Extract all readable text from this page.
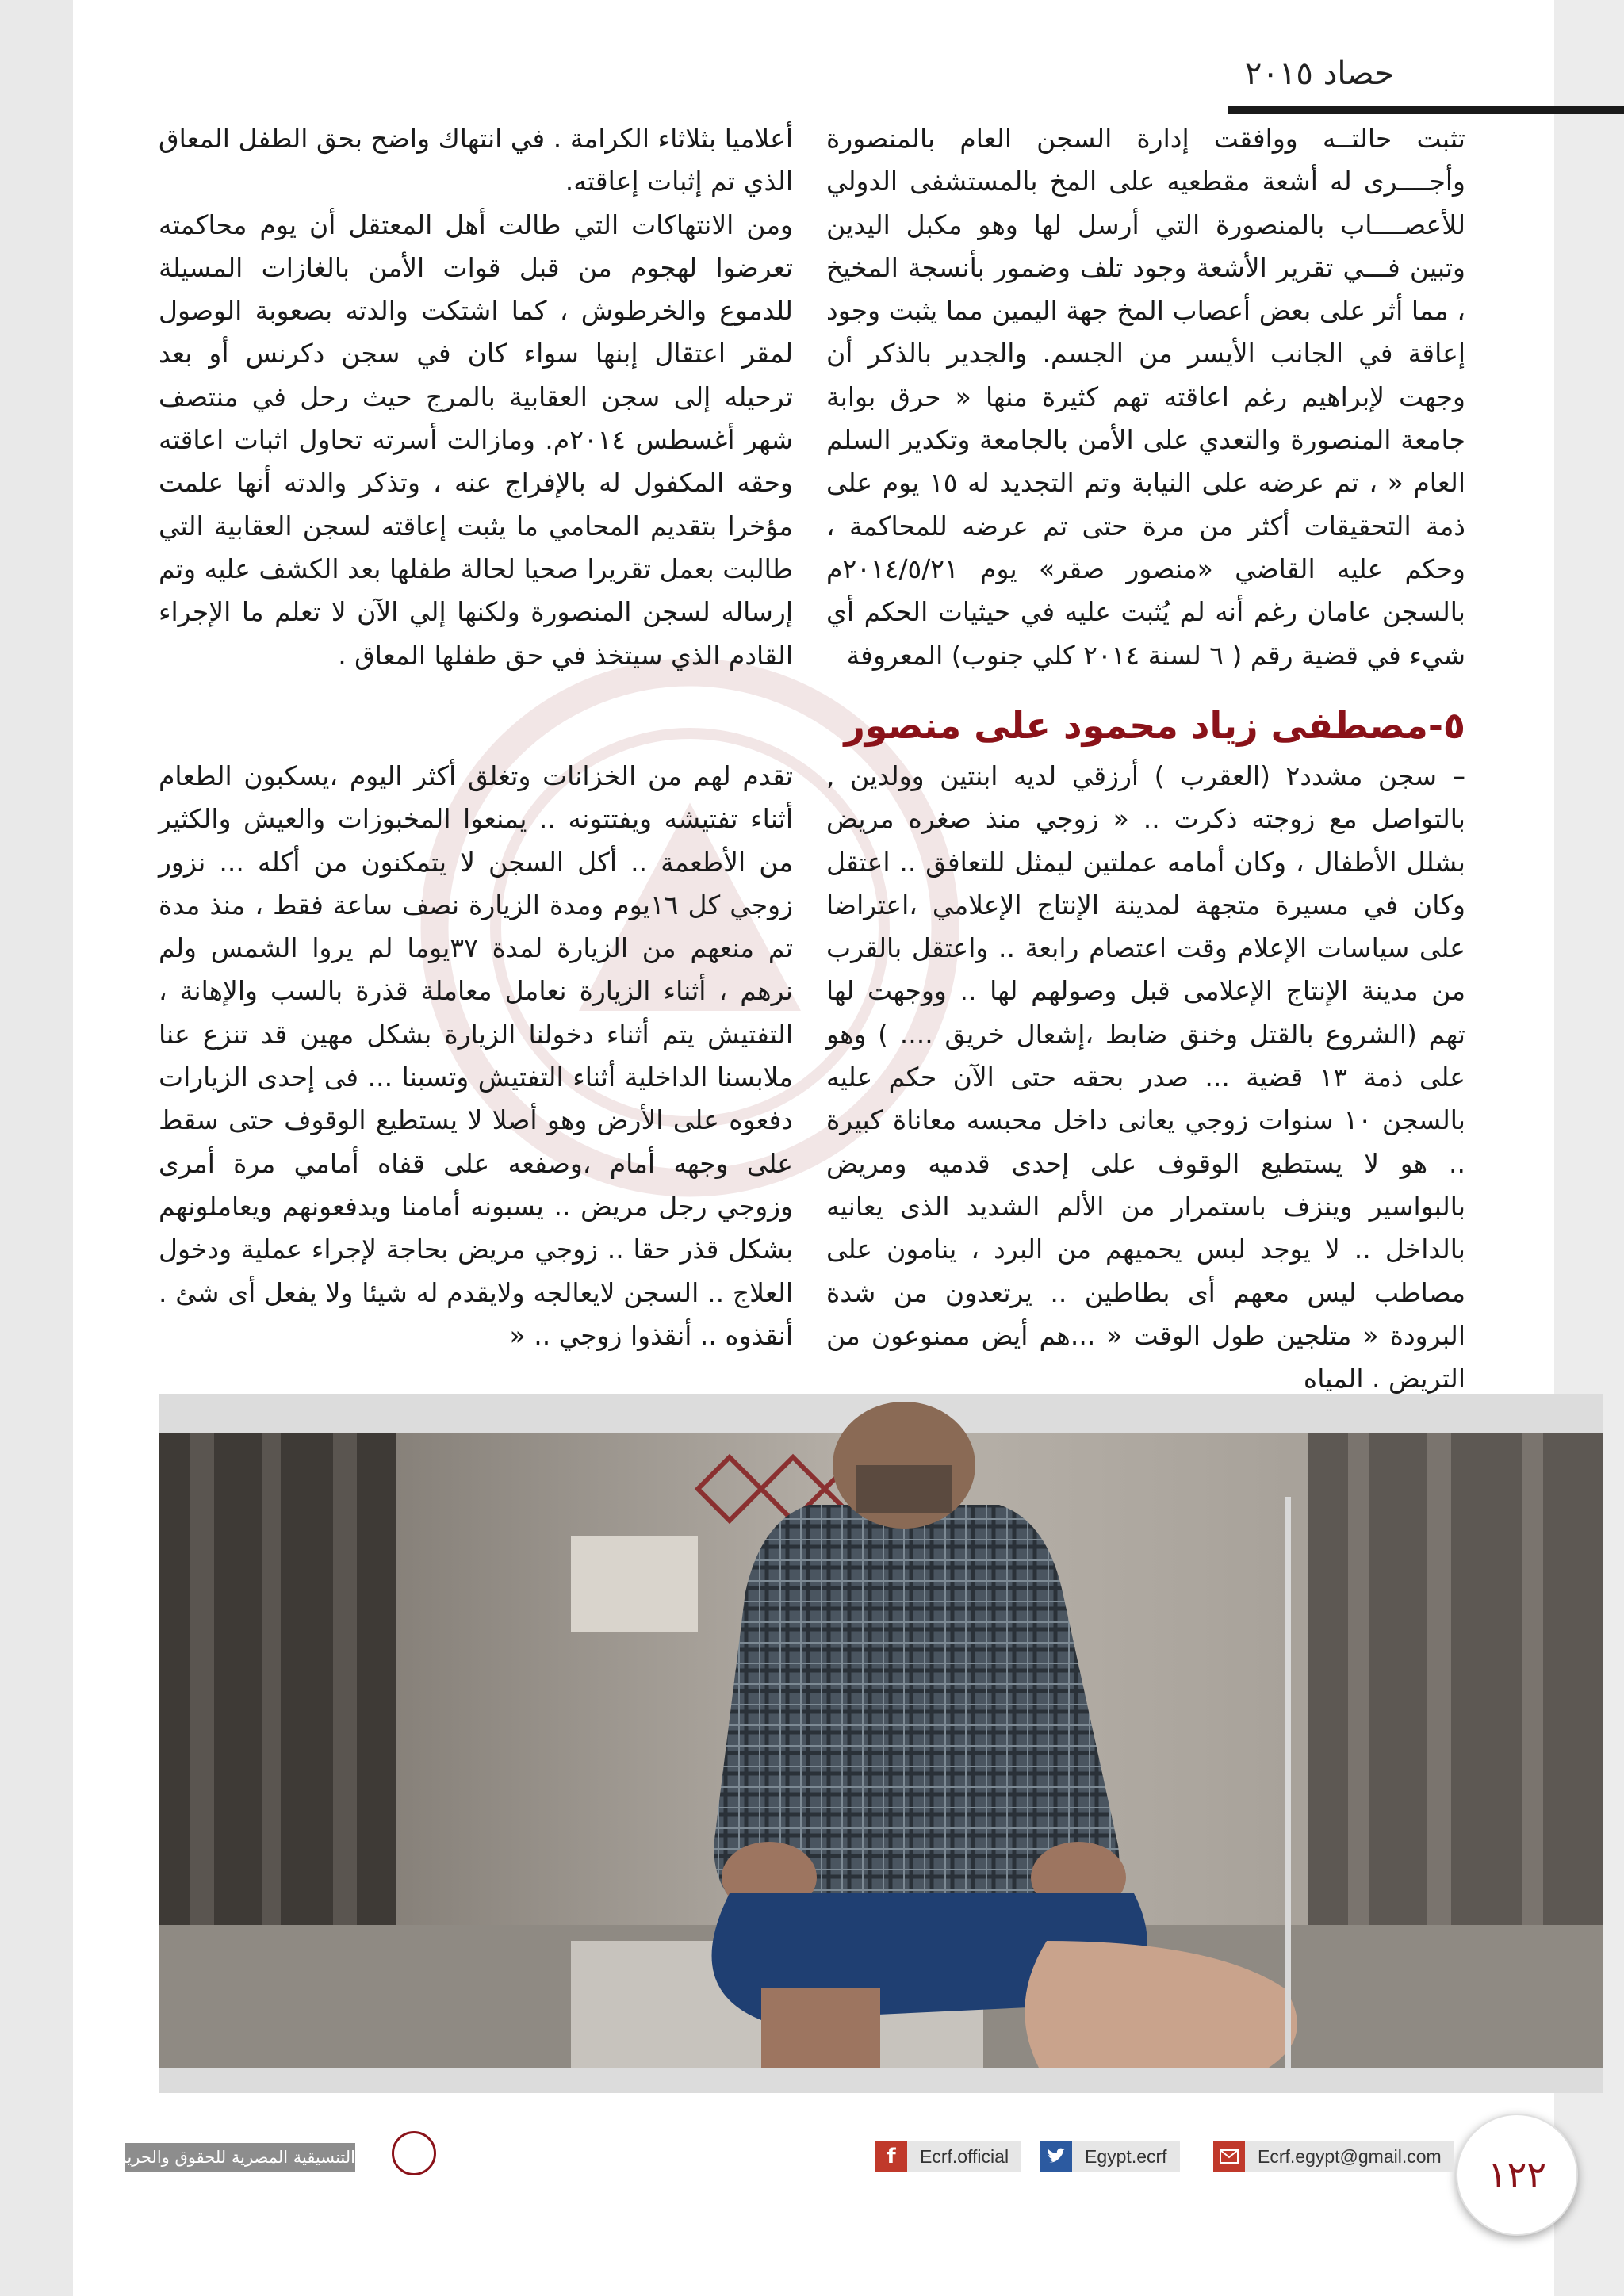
حصاد ٢٠١٥

تثبت حالتــه ووافقت إدارة السجن العام بالمنصورة وأجــــرى له أشعة مقطعيه على المخ بالمستشفى الدولي للأعصــــاب بالمنصورة التي أرسل لها وهو مكبل اليدين وتبين فـــي تقرير الأشعة وجود تلف وضمور بأنسجة المخيخ ، مما أثر على بعض أعصاب المخ جهة اليمين مما يثبت وجود إعاقة في الجانب الأيسر من الجسم. والجدير بالذكر أن وجهت لإبراهيم رغم اعاقته تهم كثيرة منها « حرق بوابة جامعة المنصورة والتعدي على الأمن بالجامعة وتكدير السلم العام « ، تم عرضه على النيابة وتم التجديد له ١٥ يوم على ذمة التحقيقات أكثر من مرة حتى تم عرضه للمحاكمة ، وحكم عليه القاضي «منصور صقر» يوم ٢٠١٤/٥/٢١م بالسجن عامان رغم أنه لم يُثبت عليه في حيثيات الحكم أي شيء في قضية رقم ( ٦ لسنة ٢٠١٤ كلي جنوب) المعروفة

أعلاميا بثلاثاء الكرامة . في انتهاك واضح بحق الطفل المعاق الذي تم إثبات إعاقته.

ومن الانتهاكات التي طالت أهل المعتقل أن يوم محاكمته تعرضوا لهجوم من قبل قوات الأمن بالغازات المسيلة للدموع والخرطوش ، كما اشتكت والدته بصعوبة الوصول لمقر اعتقال إبنها سواء كان في سجن دكرنس أو بعد ترحيله إلى سجن العقابية بالمرج حيث رحل في منتصف شهر أغسطس ٢٠١٤م. ومازالت أسرته تحاول اثبات اعاقته وحقه المكفول له بالإفراج عنه ، وتذكر والدته أنها علمت مؤخرا بتقديم المحامي ما يثبت إعاقته لسجن العقابية التي طالبت بعمل تقريرا صحيا لحالة طفلها بعد الكشف عليه وتم إرساله لسجن المنصورة ولكنها إلي الآن لا تعلم ما الإجراء القادم الذي سيتخذ في حق طفلها المعاق .

٥-مصطفى زياد محمود على منصور

– سجن مشدد٢ (العقرب ) أرزقي لديه ابنتين وولدين , بالتواصل مع زوجته ذكرت .. « زوجي منذ صغره مريض بشلل الأطفال ، وكان أمامه عملتين ليمثل للتعافق .. اعتقل وكان في مسيرة متجهة لمدينة الإنتاج الإعلامي ،اعتراضا على سياسات الإعلام وقت اعتصام رابعة .. واعتقل بالقرب من مدينة الإنتاج الإعلامى قبل وصولهم لها .. ووجهت لها تهم (الشروع بالقتل وخنق ضابط ،إشعال خريق .... ) وهو على ذمة ١٣ قضية ... صدر بحقه حتى الآن حكم عليه بالسجن ١٠ سنوات زوجي يعانى داخل محبسه معاناة كبيرة .. هو لا يستطيع الوقوف على إحدى قدميه ومريض بالبواسير وينزف باستمرار من الألم الشديد الذى يعانيه بالداخل .. لا يوجد لبس يحميهم من البرد ، ينامون على مصاطب ليس معهم أى بطاطين .. يرتعدون من شدة البرودة « متلجين طول الوقت « ...هم أيض ممنوعون من التريض . المياه

تقدم لهم من الخزانات وتغلق أكثر اليوم ،يسكبون الطعام أثناء تفتيشه ويفتتونه .. يمنعوا المخبوزات والعيش والكثير من الأطعمة .. أكل السجن لا يتمكنون من أكله ... نزور زوجي كل ١٦يوم ومدة الزيارة نصف ساعة فقط ، منذ مدة تم منعهم من الزيارة لمدة ٣٧يوما لم يروا الشمس ولم نرهم ، أثناء الزيارة نعامل معاملة قذرة بالسب والإهانة ، التفتيش يتم أثناء دخولنا الزيارة بشكل مهين قد تنزع عنا ملابسنا الداخلية أثناء التفتيش وتسبنا ... فى إحدى الزيارات دفعوه على الأرض وهو أصلا لا يستطيع الوقوف حتى سقط على وجهه أمام ،وصفعه على قفاه أمامي مرة أمرى وزوجي رجل مريض .. يسبونه أمامنا ويدفعونهم ويعاملونهم بشكل قذر حقا .. زوجي مريض بحاجة لإجراء عملية ودخول العلاج .. السجن لايعالجه ولايقدم له شيئا ولا يفعل أى شئ . أنقذوه .. أنقذوا زوجي .. «

١٢٢
Ecrf.egypt@gmail.com
Egypt.ecrf
f	Ecrf.official
التنسيقية المصرية للحقوق والحريات
